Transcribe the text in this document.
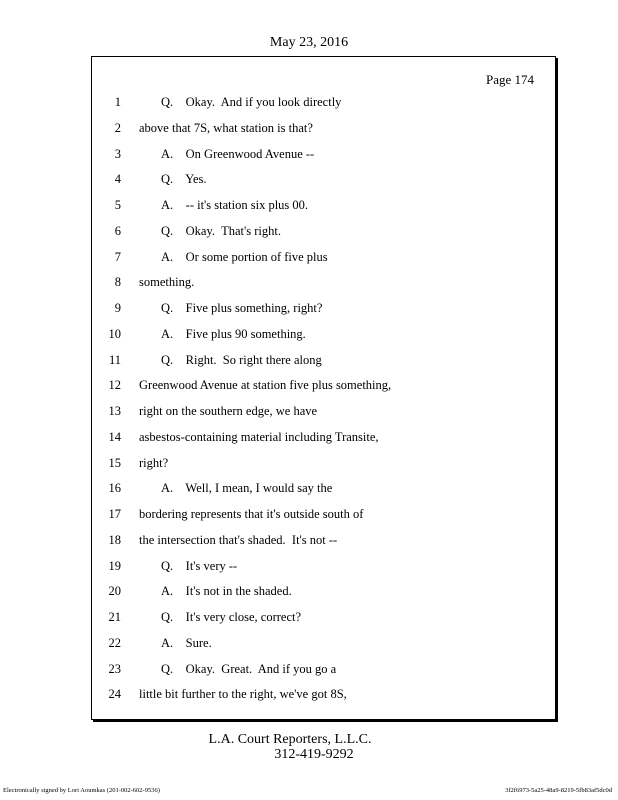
May 23, 2016
Page 174
1	Q.    Okay.  And if you look directly
2 above that 7S, what station is that?
3	A.    On Greenwood Avenue --
4	Q.    Yes.
5	A.    -- it's station six plus 00.
6	Q.    Okay.  That's right.
7	A.    Or some portion of five plus
8 something.
9	Q.    Five plus something, right?
10	A.    Five plus 90 something.
11	Q.    Right.  So right there along
12 Greenwood Avenue at station five plus something,
13 right on the southern edge, we have
14 asbestos-containing material including Transite,
15 right?
16	A.    Well, I mean, I would say the
17 bordering represents that it's outside south of
18 the intersection that's shaded.  It's not --
19	Q.    It's very --
20	A.    It's not in the shaded.
21	Q.    It's very close, correct?
22	A.    Sure.
23	Q.    Okay.  Great.  And if you go a
24 little bit further to the right, we've got 8S,
L.A. Court Reporters, L.L.C.
312-419-9292
Electronically signed by Lori Aoumkas (201-002-602-9536)	3f2f6973-5a25-48a9-8219-5fb83af5dc0d
